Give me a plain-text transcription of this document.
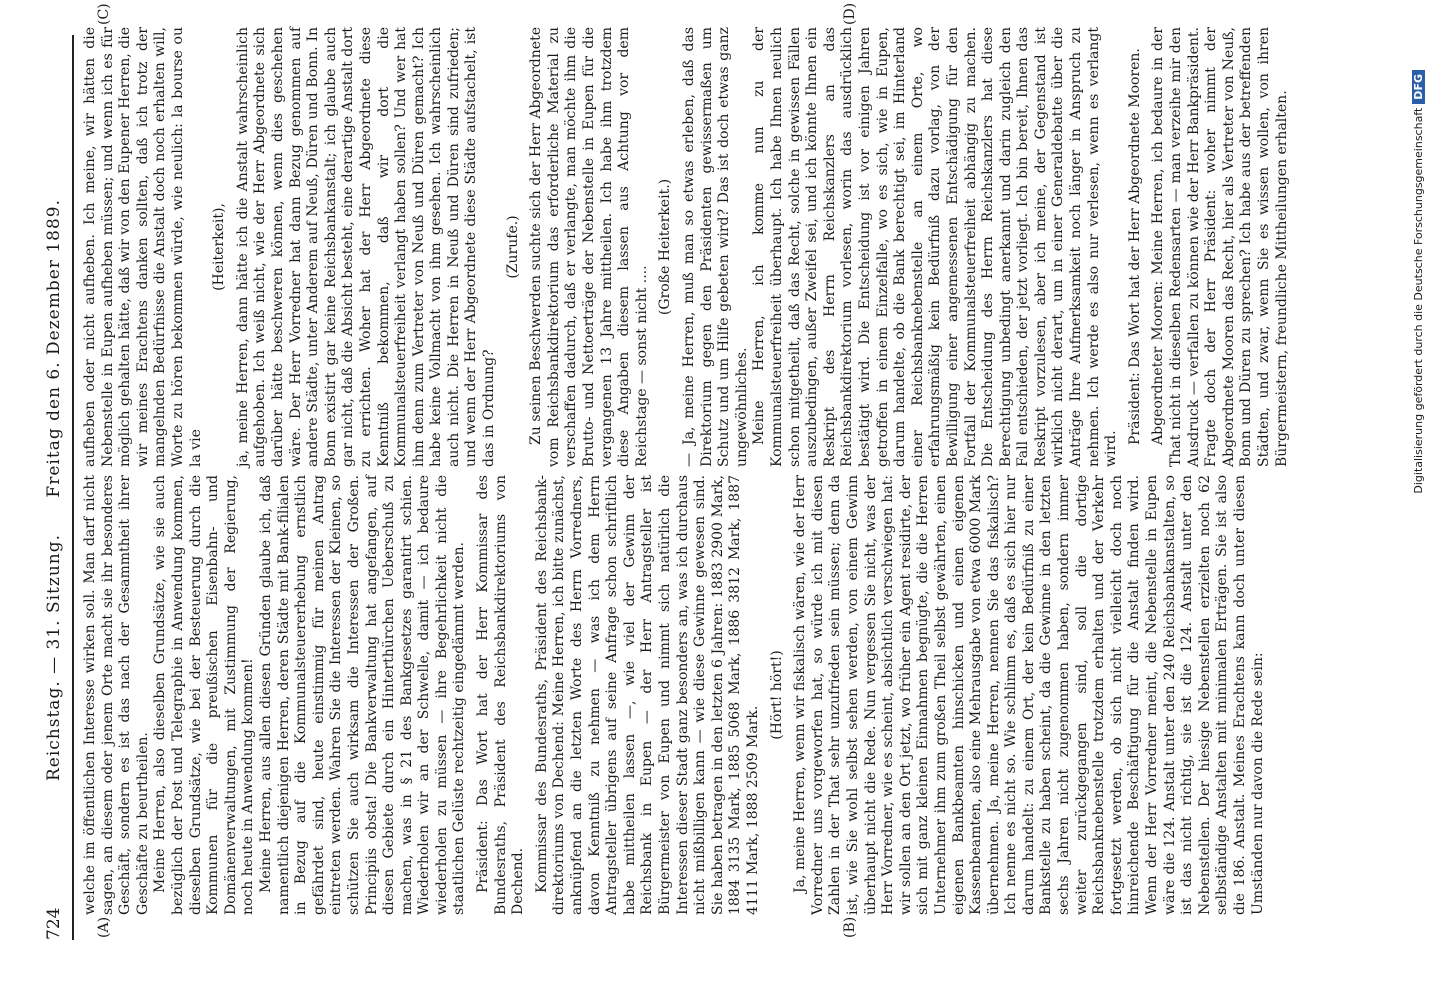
724
Reichstag. — 31. Sitzung. Freitag den 6. Dezember 1889.
(A)	(B)
(C)	(D)

welche im öffentlichen Interesse wirken soll. Man darf nicht sagen, an diesem oder jenem Orte macht sie ihr besonderes Geschäft, sondern es ist das nach der Gesammtheit ihrer Geschäfte zu beurtheilen. Meine Herren, also dieselben Grundsätze, wie sie auch bezüglich der Post und Telegraphie in Anwendung kommen, dieselben Grundsätze, wie bei der Besteuerung durch die Kommunen für die preußischen Eisenbahn- und Domänenverwaltungen, mit Zustimmung der Regierung, noch heute in Anwendung kommen! Meine Herren, aus allen diesen Gründen glaube ich, daß namentlich diejenigen Herren, deren Städte mit Bank-filialen in Bezug auf die Kommunalsteuererhebung ernstlich gefährdet sind, heute einstimmig für meinen Antrag eintreten werden. Wahren Sie die Interessen der Kleinen, so schützen Sie auch wirksam die Interessen der Großen. Principiis obsta! Die Bankverwaltung hat angefangen, auf diesen Gebiete durch ein Hinterthürchen Ueberschuß zu machen, was in § 21 des Bankgesetzes garantirt schien. Wiederholen wir an der Schwelle, damit — ich bedaure wiederholen zu müssen — ihre Begehrlichkeit nicht die staatlichen Gelüste rechtzeitig eingedämmt werden. Präsident: Das Wort hat der Herr Kommissar des Bundesraths, Präsident des Reichsbankdirektoriums von Dechend. Kommissar des Bundesraths, Präsident des Reichsbank-direktoriums von Dechend: Meine Herren, ich bitte zunächst, anknüpfend an die letzten Worte des Herrn Vorredners, davon Kenntniß zu nehmen — was ich dem Herrn Antragsteller übrigens auf seine Anfrage schon schriftlich habe mittheilen lassen —, wie viel der Gewinn der Reichsbank in Eupen — der Herr Antragsteller ist Bürgermeister von Eupen und nimmt sich natürlich die Interessen dieser Stadt ganz besonders an, was ich durchaus nicht mißbilligen kann — wie diese Gewinne gewesen sind. Sie haben betragen in den letzten 6 Jahren: 1883 2900 Mark, 1884 3135 Mark, 1885 5068 Mark, 1886 3812 Mark, 1887 4111 Mark, 1888 2509 Mark.

(Hört! hört!) Ja, meine Herren, wenn wir fiskalisch wären, wie der Herr Vorredner uns vorgeworfen hat, so würde ich mit diesen Zahlen in der That sehr unzufrieden sein müssen; denn da ist, wie Sie wohl selbst sehen werden, von einem Gewinn überhaupt nicht die Rede. Nun vergessen Sie nicht, was der Herr Vorredner, wie es scheint, absichtlich verschwiegen hat: wir sollen an den Ort jetzt, wo früher ein Agent residirte, der sich mit ganz kleinen Einnahmen begnügte, die die Herren Unternehmer ihm zum großen Theil selbst gewährten, einen eigenen Bankbeamten hinschicken und einen eigenen Kassenbeamten, also eine Mehrausgabe von etwa 6000 Mark übernehmen. Ja, meine Herren, nennen Sie das fiskalisch? Ich nenne es nicht so. Wie schlimm es, daß es sich hier nur darum handelt: zu einem Ort, der kein Bedürfniß zu einer Bankstelle zu haben scheint, da die Gewinne in den letzten sechs Jahren nicht zugenommen haben, sondern immer weiter zurückgegangen sind, soll die dortige Reichsbanknebenstelle trotzdem erhalten und der Verkehr fortgesetzt werden, ob sich nicht vielleicht doch noch hinreichende Beschäftigung für die Anstalt finden wird. Wenn der Herr Vorredner meint, die Nebenstelle in Eupen wäre die 124. Anstalt unter den 240 Reichsbankanstalten, so ist das nicht richtig, sie ist die 124. Anstalt unter den Nebenstellen. Der hiesige Nebenstellen erzielten noch 62 selbständige Anstalten mit minimalen Erträgen. Sie ist also die 186. Anstalt. Meines Erachtens kann doch unter diesen Umständen nur davon die Rede sein:

aufheben oder nicht aufheben. Ich meine, wir hätten die Nebenstelle in Eupen aufheben müssen; und wenn ich es für möglich gehalten hätte, daß wir von den Eupener Herren, die wir meines Erachtens danken sollten, daß ich trotz der mangelnden Bedürfnisse die Anstalt doch noch erhalten will, Worte zu hören bekommen würde, wie neulich: la bourse ou la vie

(Heiterkeit), ja, meine Herren, dann hätte ich die Anstalt wahrscheinlich aufgehoben. Ich weiß nicht, wie der Herr Abgeordnete sich darüber hätte beschweren können, wenn dies geschehen wäre. Der Herr Vorredner hat dann Bezug genommen auf andere Städte, unter Anderem auf Neuß, Düren und Bonn. In Bonn existirt gar keine Reichsbankanstalt; ich glaube auch gar nicht, daß die Absicht besteht, eine derartige Anstalt dort zu errichten. Woher hat der Herr Abgeordnete diese Kenntniß bekommen, daß wir dort die Kommunalsteuerfreiheit verlangt haben sollen? Und wer hat ihm denn zum Vertreter von Neuß und Düren gemacht? Ich habe keine Vollmacht von ihm gesehen. Ich wahrscheinlich auch nicht. Die Herren in Neuß und Düren sind zufrieden; und wenn der Herr Abgeordnete diese Städte aufstachelt, ist das in Ordnung?

(Zurufe.) Zu seinen Beschwerden suchte sich der Herr Abgeordnete vom Reichsbankdirektorium das erforderliche Material zu verschaffen dadurch, daß er verlangte, man möchte ihm die Brutto- und Nettoerträge der Nebenstelle in Eupen für die vergangenen 13 Jahre mittheilen. Ich habe ihm trotzdem diese Angaben diesem lassen aus Achtung vor dem Reichstage — sonst nicht ....

(Große Heiterkeit.) — Ja, meine Herren, muß man so etwas erleben, daß das Direktorium gegen den Präsidenten gewissermaßen um Schutz und um Hilfe gebeten wird? Das ist doch etwas ganz ungewöhnliches. Meine Herren, ich komme nun zu der Kommunalsteuerfreiheit überhaupt. Ich habe Ihnen neulich schon mitgetheilt, daß das Recht, solche in gewissen Fällen auszubedingen, außer Zweifel sei, und ich könnte Ihnen ein Reskript des Herrn Reichskanzlers an das Reichsbankdirektorium vorlesen, worin das ausdrücklich bestätigt wird. Die Entscheidung ist vor einigen Jahren getroffen in einem Einzelfalle, wo es sich, wie in Eupen, darum handelte, ob die Bank berechtigt sei, im Hinterland einer Reichsbanknebenstelle an einem Orte, wo erfahrungsmäßig kein Bedürfniß dazu vorlag, von der Bewilligung einer angemessenen Entschädigung für den Fortfall der Kommunalsteuerfreiheit abhängig zu machen. Die Entscheidung des Herrn Reichskanzlers hat diese Berechtigung unbedingt anerkannt und darin zugleich den Fall entschieden, der jetzt vorliegt. Ich bin bereit, Ihnen das Reskript vorzulesen, aber ich meine, der Gegenstand ist wirklich nicht derart, um in einer Generaldebatte über die Anträge Ihre Aufmerksamkeit noch länger in Anspruch zu nehmen. Ich werde es also nur verlesen, wenn es verlangt wird.

Präsident: Das Wort hat der Herr Abgeordnete Mooren. Abgeordneter Mooren: Meine Herren, ich bedaure in der That nicht in dieselben Redensarten — man verzeihe mir den Ausdruck — verfallen zu können wie der Herr Bankpräsident. Fragte doch der Herr Präsident: woher nimmt der Abgeordnete Mooren das Recht, hier als Vertreter von Neuß, Bonn und Düren zu sprechen? Ich habe aus der betreffenden Städten, und zwar, wenn Sie es wissen wollen, von ihren Bürgermeistern, freundliche Mittheilungen erhalten.	Digitalisierung gefördert durch die Deutsche ForschungsgemeinschaftDFG
